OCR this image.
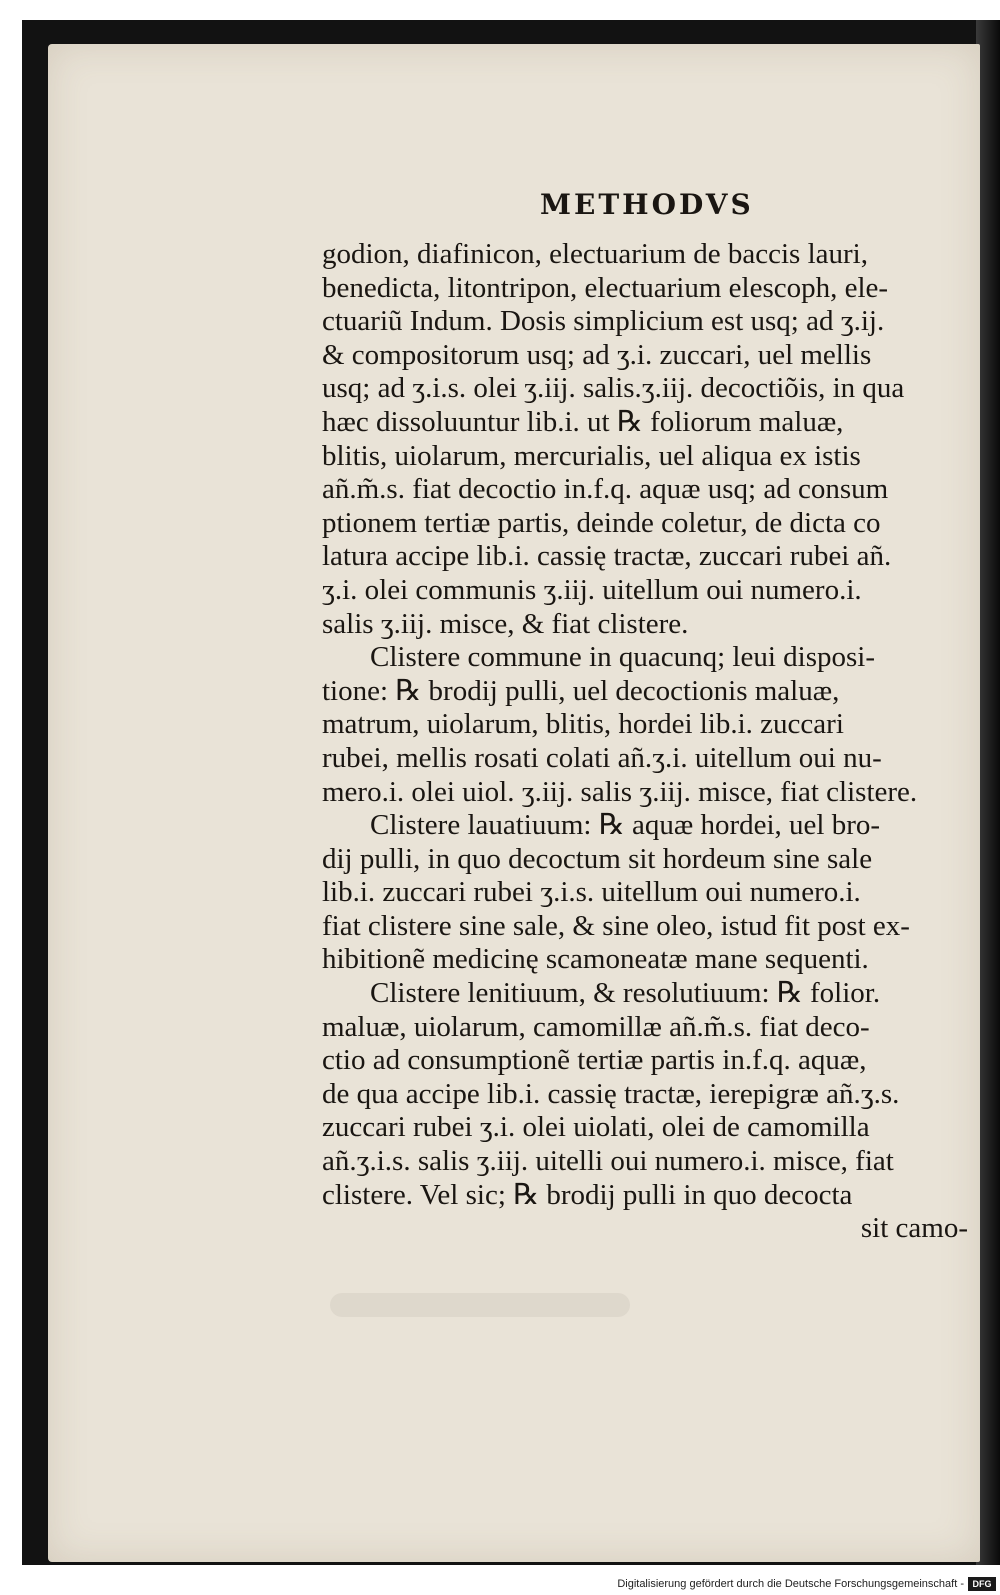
METHODVS
godion, diafinicon, electuarium de baccis lauri,
benedicta, litontripon, electuarium elescoph, ele-
ctuariũ Indum. Dosis simplicium est usq; ad ʒ.ij.
& compositorum usq; ad ʒ.i. zuccari, uel mellis
usq; ad ʒ.i.s. olei ʒ.iij. salis.ʒ.iij. decoctiõis, in qua
hæc dissoluuntur lib.i. ut ℞ foliorum maluæ,
blitis, uiolarum, mercurialis, uel aliqua ex istis
añ.m̃.s. fiat decoctio in.f.q. aquæ usq; ad consum
ptionem tertiæ partis, deinde coletur, de dicta co
latura accipe lib.i. cassię tractæ, zuccari rubei añ.
ʒ.i. olei communis ʒ.iij. uitellum oui numero.i.
salis ʒ.iij. misce, & fiat clistere.
Clistere commune in quacunq; leui disposi-
tione: ℞ brodij pulli, uel decoctionis maluæ,
matrum, uiolarum, blitis, hordei lib.i. zuccari
rubei, mellis rosati colati añ.ʒ.i. uitellum oui nu-
mero.i. olei uiol. ʒ.iij. salis ʒ.iij. misce, fiat clistere.
Clistere lauatiuum: ℞ aquæ hordei, uel bro-
dij pulli, in quo decoctum sit hordeum sine sale
lib.i. zuccari rubei ʒ.i.s. uitellum oui numero.i.
fiat clistere sine sale, & sine oleo, istud fit post ex-
hibitionẽ medicinę scamoneatæ mane sequenti.
Clistere lenitiuum, & resolutiuum: ℞ folior.
maluæ, uiolarum, camomillæ añ.m̃.s. fiat deco-
ctio ad consumptionẽ tertiæ partis in.f.q. aquæ,
de qua accipe lib.i. cassię tractæ, ierepigræ añ.ʒ.s.
zuccari rubei ʒ.i. olei uiolati, olei de camomilla
añ.ʒ.i.s. salis ʒ.iij. uitelli oui numero.i. misce, fiat
clistere. Vel sic; ℞ brodij pulli in quo decocta
sit camo-
Digitalisierung gefördert durch die Deutsche Forschungsgemeinschaft - DFG
